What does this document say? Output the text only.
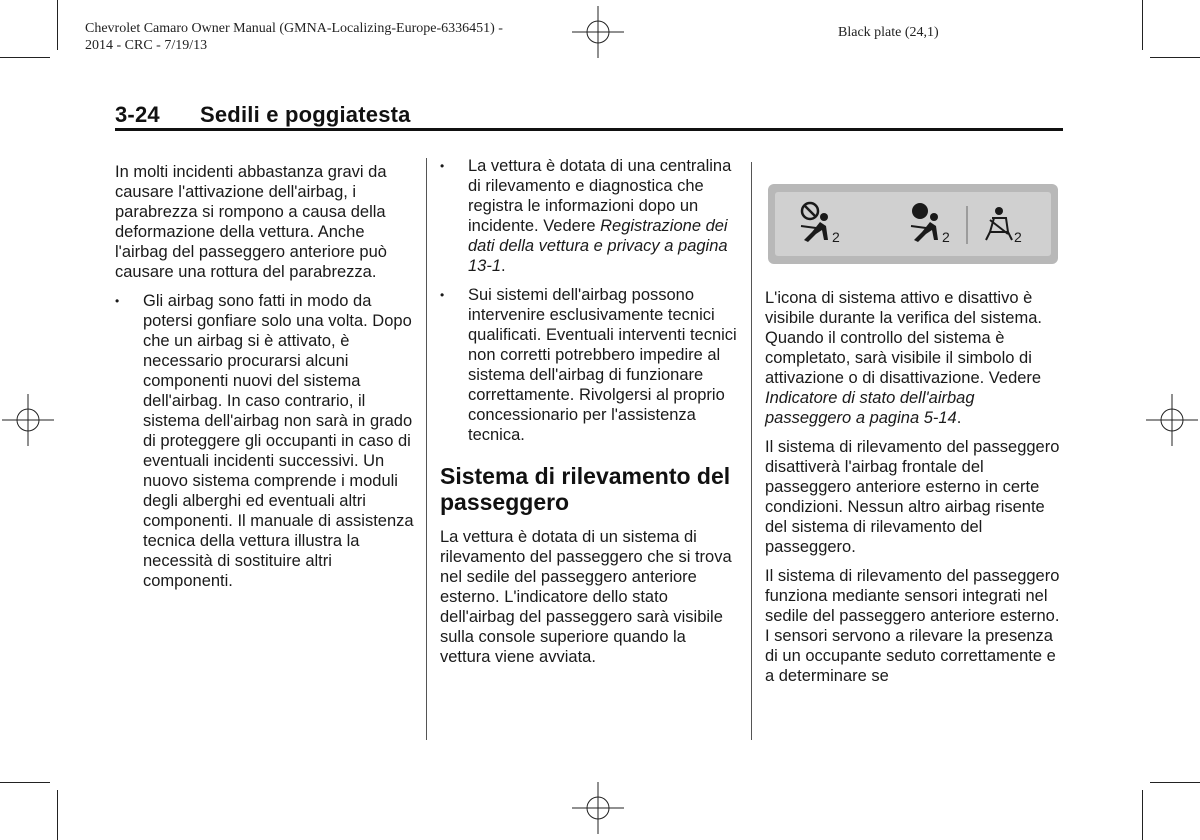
Chevrolet Camaro Owner Manual (GMNA-Localizing-Europe-6336451) -
2014 - CRC - 7/19/13
Black plate (24,1)
3-24 Sedili e poggiatesta

In molti incidenti abbastanza gravi da causare l'attivazione dell'airbag, i parabrezza si rompono a causa della deformazione della vettura. Anche l'airbag del passeggero anteriore può causare una rottura del parabrezza.

• Gli airbag sono fatti in modo da potersi gonfiare solo una volta. Dopo che un airbag si è attivato, è necessario procurarsi alcuni componenti nuovi del sistema dell'airbag. In caso contrario, il sistema dell'airbag non sarà in grado di proteggere gli occupanti in caso di eventuali incidenti successivi. Un nuovo sistema comprende i moduli degli alberghi ed eventuali altri componenti. Il manuale di assistenza tecnica della vettura illustra la necessità di sostituire altri componenti.
• La vettura è dotata di una centralina di rilevamento e diagnostica che registra le informazioni dopo un incidente. Vedere Registrazione dei dati della vettura e privacy a pagina 13-1.
• Sui sistemi dell'airbag possono intervenire esclusivamente tecnici qualificati. Eventuali interventi tecnici non corretti potrebbero impedire al sistema dell'airbag di funzionare correttamente. Rivolgersi al proprio concessionario per l'assistenza tecnica.
Sistema di rilevamento del passeggero

La vettura è dotata di un sistema di rilevamento del passeggero che si trova nel sedile del passeggero anteriore esterno. L'indicatore dello stato dell'airbag del passeggero sarà visibile sulla console superiore quando la vettura viene avviata.

2	2	2

L'icona di sistema attivo e disattivo è visibile durante la verifica del sistema. Quando il controllo del sistema è completato, sarà visibile il simbolo di attivazione o di disattivazione. Vedere Indicatore di stato dell'airbag passeggero a pagina 5-14.

Il sistema di rilevamento del passeggero disattiverà l'airbag frontale del passeggero anteriore esterno in certe condizioni. Nessun altro airbag risente del sistema di rilevamento del passeggero.

Il sistema di rilevamento del passeggero funziona mediante sensori integrati nel sedile del passeggero anteriore esterno. I sensori servono a rilevare la presenza di un occupante seduto correttamente e a determinare se
